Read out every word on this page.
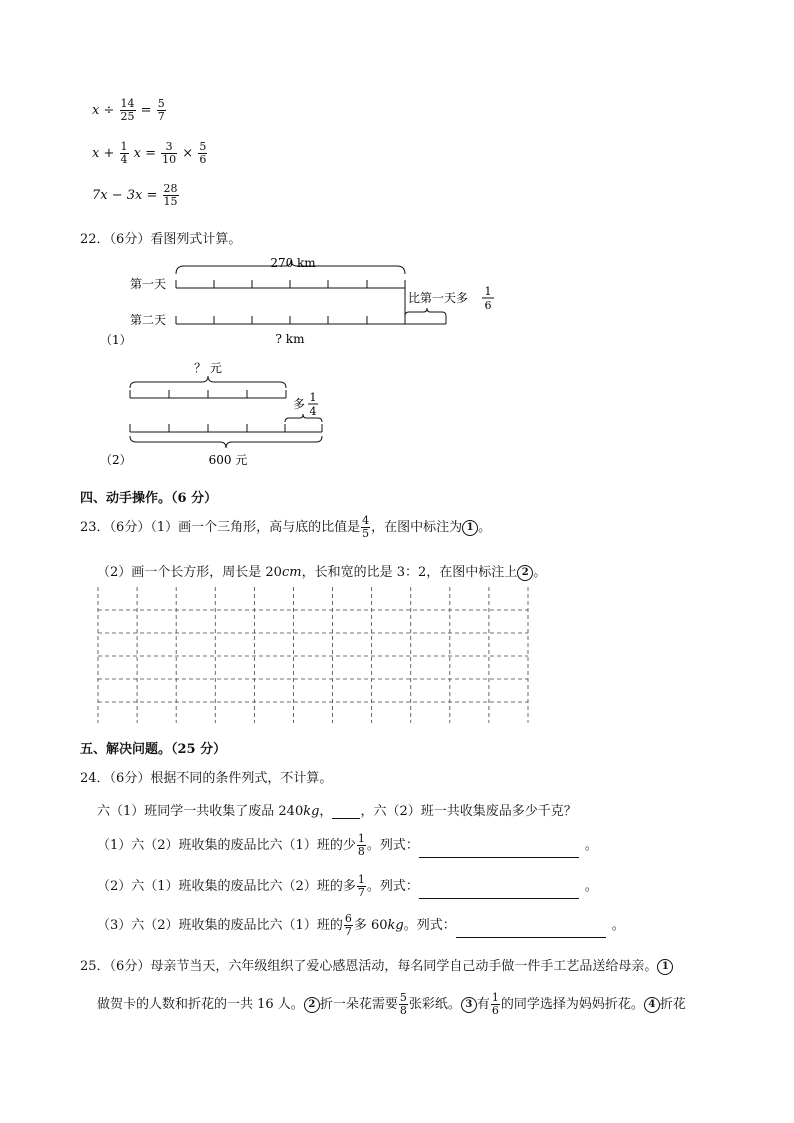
$x \div \frac{14}{25} = \frac{5}{7}$
$x + \frac{1}{4}$ $x = \frac{3}{10} \times \frac{5}{6}$
$7x - 3x = \frac{28}{15}$
22．（6分）看图列式计算。
270 km
第一天
比第一天多 1
6
第二天
（1）	? km
？ 元
多 1
4
（2）	600 元
四、动手操作。（6 分）
23．（6分）（1）画一个三角形，高与底的比值是 $\frac{4}{5}$ ，在图中标注为 1 。
（2）画一个长方形，周长是 20cm，长和宽的比是 3：2，在图中标注上 2 。
五、解决问题。（25 分）
24．（6分）根据不同的条件列式，不计算。
六（1）班同学一共收集了废品 240kg， ，六（2）班一共收集废品多少千克？
（1）六（2）班收集的废品比六（1）班的少 $\frac{1}{8}$ 。列式：	。
（2）六（1）班收集的废品比六（2）班的多 $\frac{1}{7}$ 。列式：	。
（3）六（2）班收集的废品比六（1）班的 $\frac{6}{7}$ 多 60kg。列式：	。
25．（6分）母亲节当天，六年级组织了爱心感恩活动，每名同学自己动手做一件手工艺品送给母亲。 1
做贺卡的人数和折花的一共 16 人。 2 折一朵花需要 $\frac{5}{8}$ 张彩纸。 3 有 $\frac{1}{6}$ 的同学选择为妈妈折花。 4 折花
